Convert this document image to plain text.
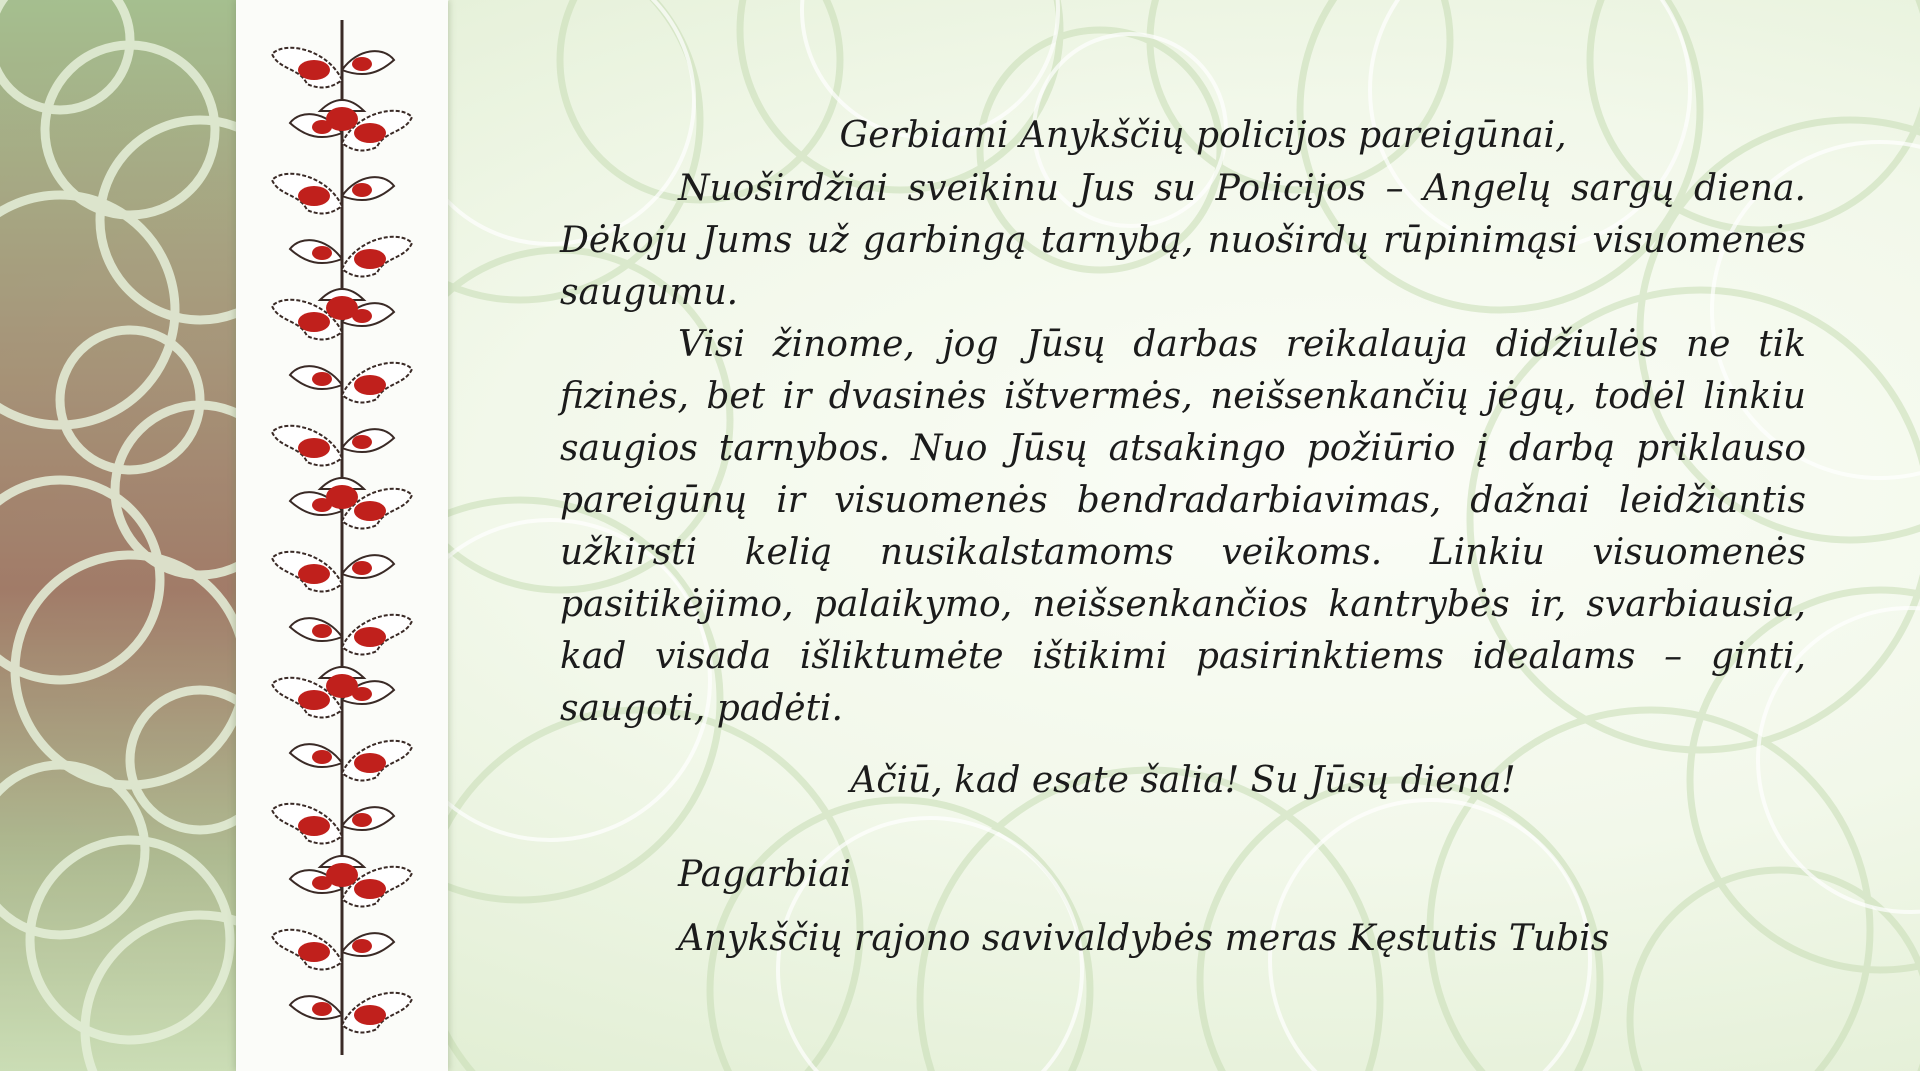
Gerbiami Anykščių policijos pareigūnai,

Nuoširdžiai sveikinu Jus su Policijos – Angelų sargų diena. Dėkoju Jums už garbingą tarnybą, nuoširdų rūpinimąsi visuomenės saugumu.

Visi žinome, jog Jūsų darbas reikalauja didžiulės ne tik fizinės, bet ir dvasinės ištvermės, neišsenkančių jėgų, todėl linkiu saugios tarnybos. Nuo Jūsų atsakingo požiūrio į darbą priklauso pareigūnų ir visuomenės bendradarbiavimas, dažnai leidžiantis užkirsti kelią nusikalstamoms veikoms. Linkiu visuomenės pasitikėjimo, palaikymo, neišsenkančios kantrybės ir, svarbiausia, kad visada išliktumėte ištikimi pasirinktiems idealams – ginti, saugoti, padėti.

Ačiū, kad esate šalia! Su Jūsų diena!

Pagarbiai
Anykščių rajono savivaldybės meras Kęstutis Tubis
